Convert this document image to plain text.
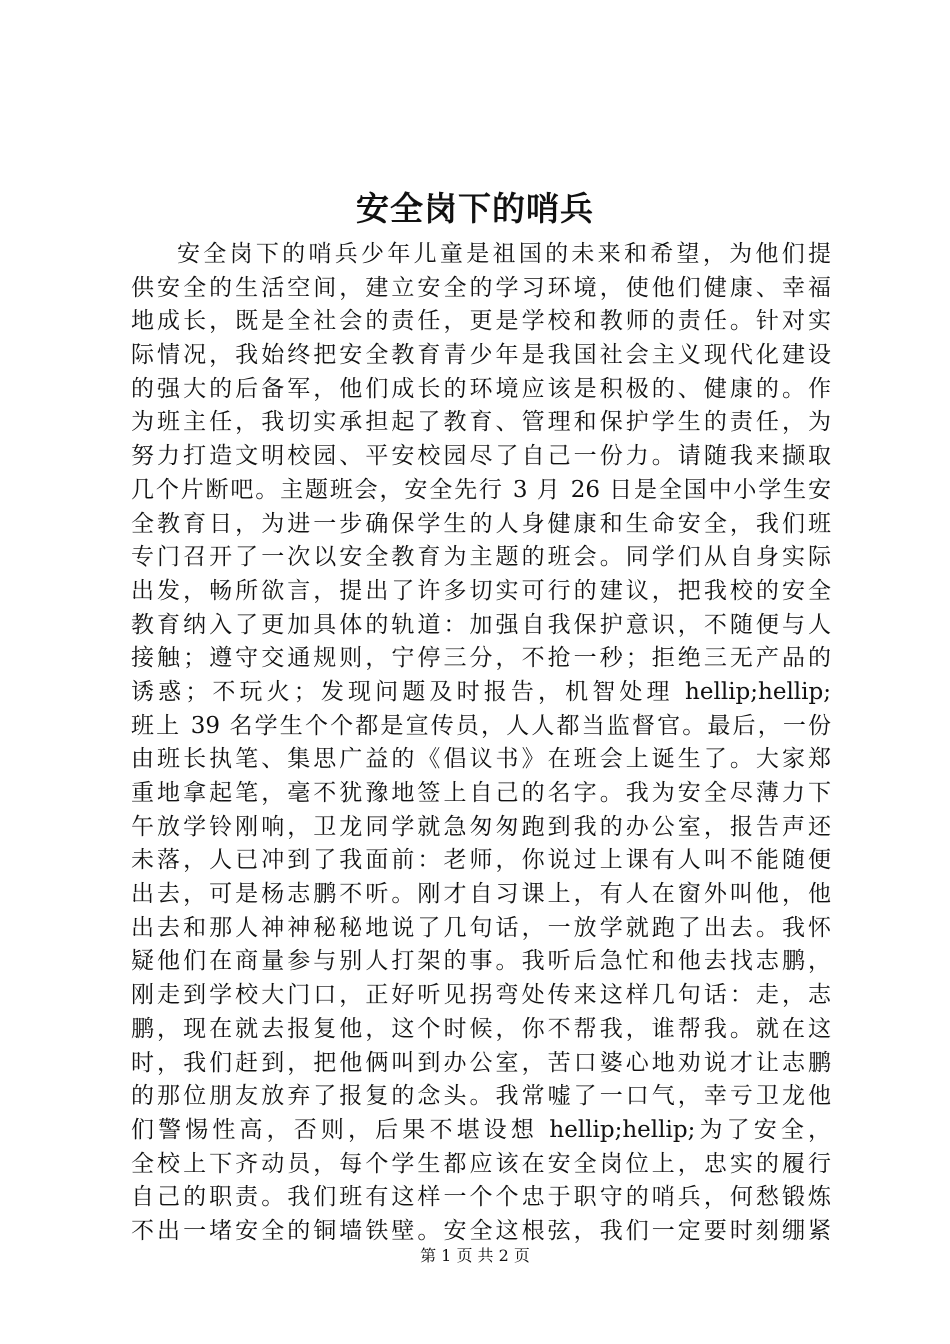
安全岗下的哨兵
安全岗下的哨兵少年儿童是祖国的未来和希望，为他们提
供安全的生活空间，建立安全的学习环境，使他们健康、幸福
地成长，既是全社会的责任，更是学校和教师的责任。针对实
际情况，我始终把安全教育青少年是我国社会主义现代化建设
的强大的后备军，他们成长的环境应该是积极的、健康的。作
为班主任，我切实承担起了教育、管理和保护学生的责任，为
努力打造文明校园、平安校园尽了自己一份力。请随我来撷取
几个片断吧。主题班会，安全先行 3 月 26 日是全国中小学生安
全教育日，为进一步确保学生的人身健康和生命安全，我们班
专门召开了一次以安全教育为主题的班会。同学们从自身实际
出发，畅所欲言，提出了许多切实可行的建议，把我校的安全
教育纳入了更加具体的轨道：加强自我保护意识，不随便与人
接触；遵守交通规则，宁停三分，不抢一秒；拒绝三无产品的
诱惑；不玩火；发现问题及时报告，机智处理 hellip;hellip;
班上 39 名学生个个都是宣传员，人人都当监督官。最后，一份
由班长执笔、集思广益的《倡议书》在班会上诞生了。大家郑
重地拿起笔，毫不犹豫地签上自己的名字。我为安全尽薄力下
午放学铃刚响，卫龙同学就急匆匆跑到我的办公室，报告声还
未落，人已冲到了我面前：老师，你说过上课有人叫不能随便
出去，可是杨志鹏不听。刚才自习课上，有人在窗外叫他，他
出去和那人神神秘秘地说了几句话，一放学就跑了出去。我怀
疑他们在商量参与别人打架的事。我听后急忙和他去找志鹏，
刚走到学校大门口，正好听见拐弯处传来这样几句话：走，志
鹏，现在就去报复他，这个时候，你不帮我，谁帮我。就在这
时，我们赶到，把他俩叫到办公室，苦口婆心地劝说才让志鹏
的那位朋友放弃了报复的念头。我常嘘了一口气，幸亏卫龙他
们警惕性高，否则，后果不堪设想 hellip;hellip;为了安全，
全校上下齐动员，每个学生都应该在安全岗位上，忠实的履行
自己的职责。我们班有这样一个个忠于职守的哨兵，何愁锻炼
不出一堵安全的铜墙铁壁。安全这根弦，我们一定要时刻绷紧
第 1 页 共 2 页
